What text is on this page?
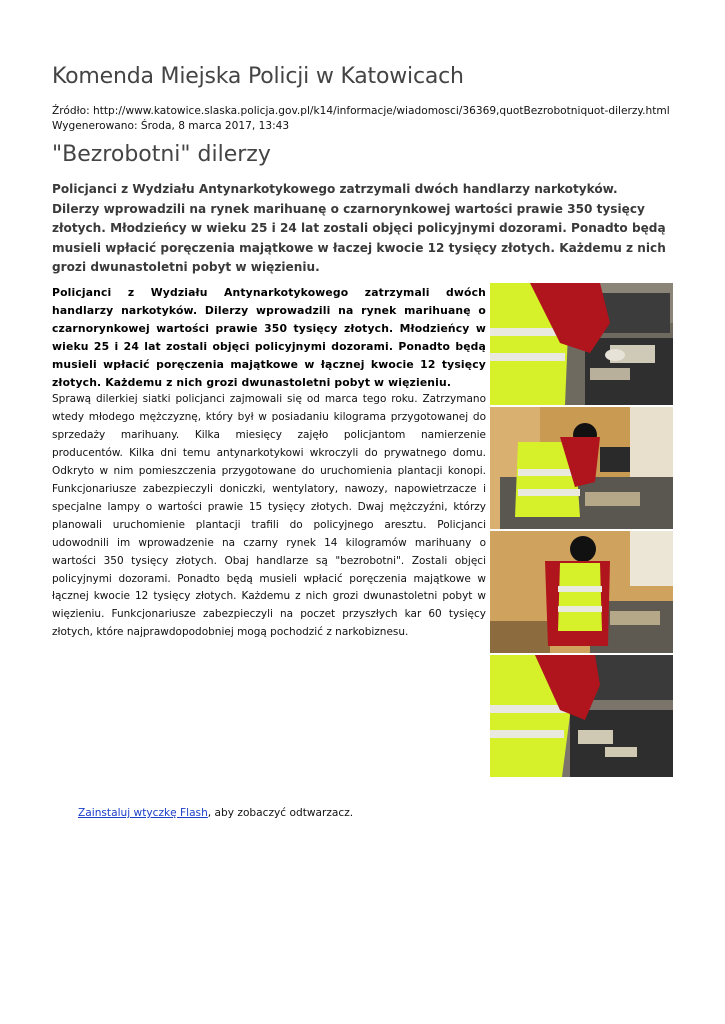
Komenda Miejska Policji w Katowicach
Źródło: http://www.katowice.slaska.policja.gov.pl/k14/informacje/wiadomosci/36369,quotBezrobotniquot-dilerzy.html
Wygenerowano: Środa, 8 marca 2017, 13:43
"Bezrobotni" dilerzy

Policjanci z Wydziału Antynarkotykowego zatrzymali dwóch handlarzy narkotyków. Dilerzy wprowadzili na rynek marihuanę o czarnorynkowej wartości prawie 350 tysięcy złotych. Młodzieńcy w wieku 25 i 24 lat zostali objęci policyjnymi dozorami. Ponadto będą musieli wpłacić poręczenia majątkowe w łaczej kwocie 12 tysięcy złotych. Każdemu z nich grozi dwunastoletni pobyt w więzieniu.

Policjanci z Wydziału Antynarkotykowego zatrzymali dwóch handlarzy narkotyków. Dilerzy wprowadzili na rynek marihuanę o czarnorynkowej wartości prawie 350 tysięcy złotych. Młodzieńcy w wieku 25 i 24 lat zostali objęci policyjnymi dozorami. Ponadto będą musieli wpłacić poręczenia majątkowe w łącznej kwocie 12 tysięcy złotych. Każdemu z nich grozi dwunastoletni pobyt w więzieniu.

Sprawą dilerkiej siatki policjanci zajmowali się od marca tego roku. Zatrzymano wtedy młodego mężczyznę, który był w posiadaniu kilograma przygotowanej do sprzedaży marihuany. Kilka miesięcy zajęło policjantom namierzenie producentów. Kilka dni temu antynarkotykowi wkroczyli do prywatnego domu. Odkryto w nim pomieszczenia przygotowane do uruchomienia plantacji konopi. Funkcjonariusze zabezpieczyli doniczki, wentylatory, nawozy, napowietrzacze i specjalne lampy o wartości prawie 15 tysięcy złotych. Dwaj mężczyźni, którzy planowali uruchomienie plantacji trafili do policyjnego aresztu. Policjanci udowodnili im wprowadzenie na czarny rynek 14 kilogramów marihuany o wartości 350 tysięcy złotych. Obaj handlarze są "bezrobotni". Zostali objęci policyjnymi dozorami. Ponadto będą musieli wpłacić poręczenia majątkowe w łącznej kwocie 12 tysięcy złotych. Każdemu z nich grozi dwunastoletni pobyt w więzieniu. Funkcjonariusze zabezpieczyli na poczet przyszłych kar 60 tysięcy złotych, które najprawdopodobniej mogą pochodzić z narkobiznesu.

Zainstaluj wtyczkę Flash, aby zobaczyć odtwarzacz.
